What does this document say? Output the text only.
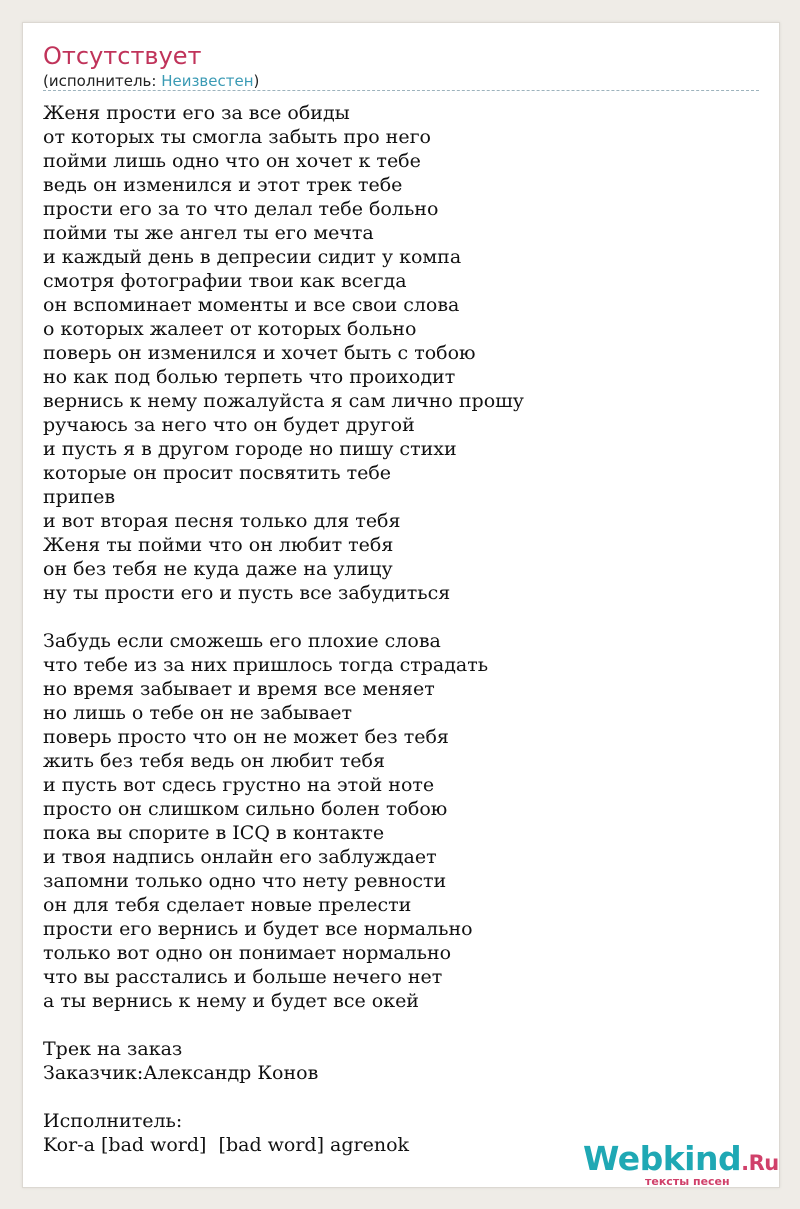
Отсутствует
(исполнитель: Неизвестен)
Женя прости его за все обиды
от которых ты смогла забыть про него
пойми лишь одно что он хочет к тебе
ведь он изменился и этот трек тебе
прости его за то что делал тебе больно
пойми ты же ангел ты его мечта
и каждый день в депресии сидит у компа
смотря фотографии твои как всегда
он вспоминает моменты и все свои слова
о которых жалеет от которых больно
поверь он изменился и хочет быть с тобою
но как под болью терпеть что проиходит
вернись к нему пожалуйста я сам лично прошу
ручаюсь за него что он будет другой
и пусть я в другом городе но пишу стихи
которые он просит посвятить тебе
припев
и вот вторая песня только для тебя
Женя ты пойми что он любит тебя
он без тебя не куда даже на улицу
ну ты прости его и пусть все забудиться
Забудь если сможешь его плохие слова
что тебе из за них пришлось тогда страдать
но время забывает и время все меняет
но лишь о тебе он не забывает
поверь просто что он не может без тебя
жить без тебя ведь он любит тебя
и пусть вот сдесь грустно на этой ноте
просто он слишком сильно болен тобою
пока вы спорите в ICQ в контакте
и твоя надпись онлайн его заблуждает
запомни только одно что нету ревности
он для тебя сделает новые прелести
прости его вернись и будет все нормально
только вот одно он понимает нормально
что вы расстались и больше нечего нет
а ты вернись к нему и будет все окей
Трек на заказ
Заказчик:Александр Конов
Исполнитель:
Kor-a [bad word]  [bad word] agrenok	Webkind.Ru
тексты песен
